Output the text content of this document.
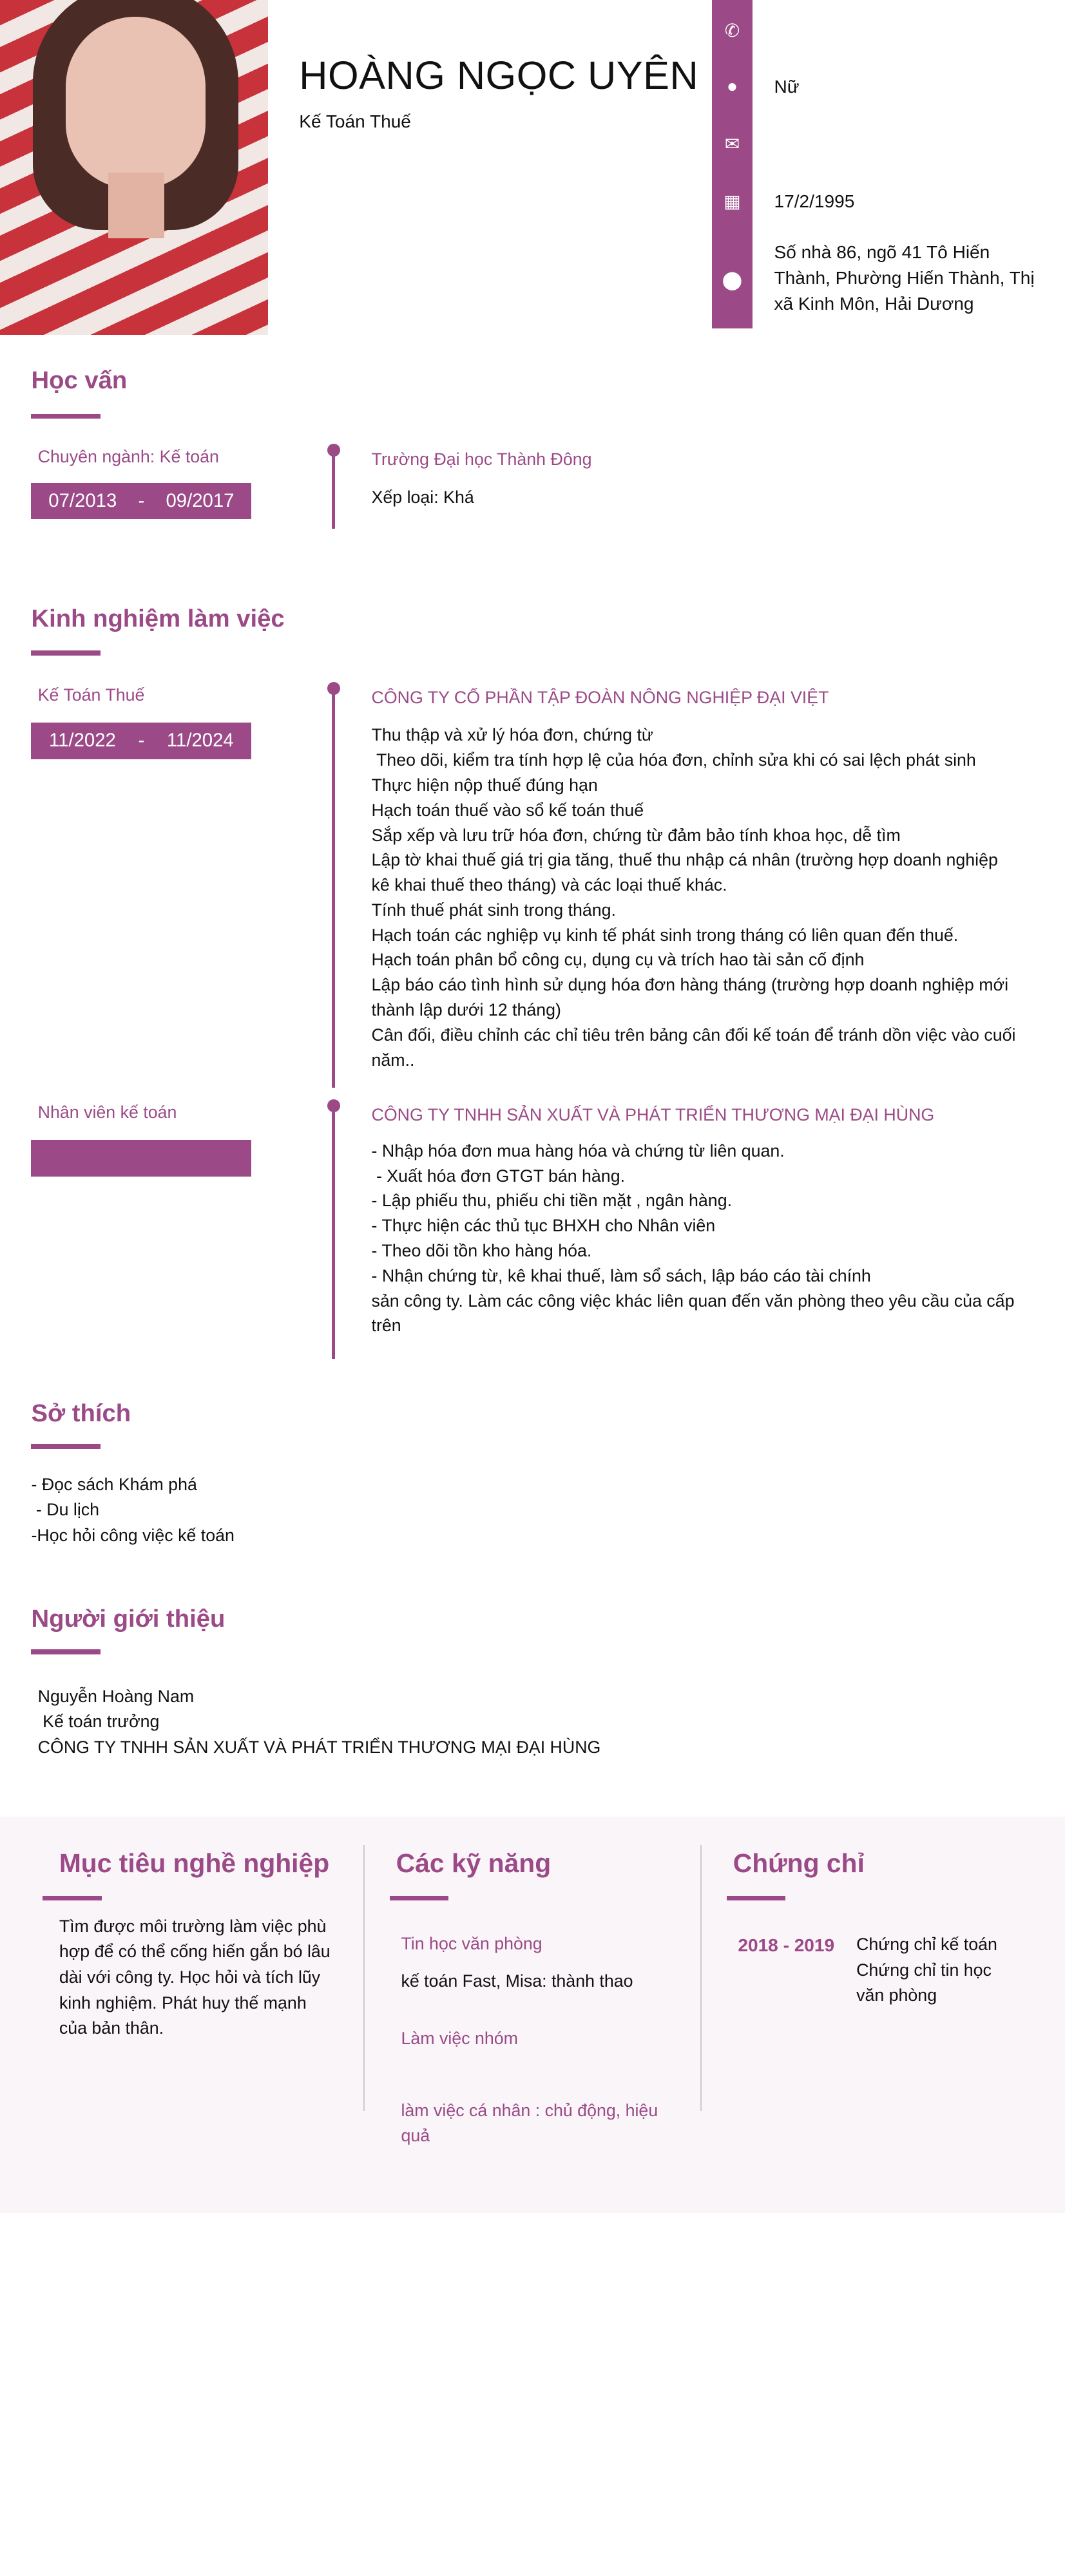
HOÀNG NGỌC UYÊN
Kế Toán Thuế
✆
●
✉
▦
⬤
Nữ
17/2/1995
Số nhà 86, ngõ 41 Tô Hiến Thành, Phường Hiến Thành, Thị xã Kinh Môn, Hải Dương
Học vấn
Chuyên ngành: Kế toán
07/2013	-	09/2017
Trường Đại học Thành Đông
Xếp loại: Khá
Kinh nghiệm làm việc
Kế Toán Thuế
11/2022	-	11/2024
CÔNG TY CỔ PHẦN TẬP ĐOÀN NÔNG NGHIỆP ĐẠI VIỆT
Thu thập và xử lý hóa đơn, chứng từ
Theo dõi, kiểm tra tính hợp lệ của hóa đơn, chỉnh sửa khi có sai lệch phát sinh
Thực hiện nộp thuế đúng hạn
Hạch toán thuế vào sổ kế toán thuế
Sắp xếp và lưu trữ hóa đơn, chứng từ đảm bảo tính khoa học, dễ tìm
Lập tờ khai thuế giá trị gia tăng, thuế thu nhập cá nhân (trường hợp doanh nghiệp kê khai thuế theo tháng) và các loại thuế khác.
Tính thuế phát sinh trong tháng.
Hạch toán các nghiệp vụ kinh tế phát sinh trong tháng có liên quan đến thuế.
Hạch toán phân bổ công cụ, dụng cụ và trích hao tài sản cố định
Lập báo cáo tình hình sử dụng hóa đơn hàng tháng (trường hợp doanh nghiệp mới thành lập dưới 12 tháng)
Cân đối, điều chỉnh các chỉ tiêu trên bảng cân đối kế toán để tránh dồn việc vào cuối năm..
Nhân viên kế toán	CÔNG TY TNHH SẢN XUẤT VÀ PHÁT TRIỂN THƯƠNG MẠI ĐẠI HÙNG
- Nhập hóa đơn mua hàng hóa và chứng từ liên quan.
- Xuất hóa đơn GTGT bán hàng.
- Lập phiếu thu, phiếu chi tiền mặt , ngân hàng.
- Thực hiện các thủ tục BHXH cho Nhân viên
- Theo dõi tồn kho hàng hóa.
- Nhận chứng từ, kê khai thuế, làm sổ sách, lập báo cáo tài chính
sản công ty. Làm các công việc khác liên quan đến văn phòng theo yêu cầu của cấp trên
Sở thích
- Đọc sách Khám phá
- Du lịch
-Học hỏi công việc kế toán
Người giới thiệu
Nguyễn Hoàng Nam
Kế toán trưởng
CÔNG TY TNHH SẢN XUẤT VÀ PHÁT TRIỂN THƯƠNG MẠI ĐẠI HÙNG
Mục tiêu nghề nghiệp
Tìm được môi trường làm việc phù hợp để có thể cống hiến gắn bó lâu dài với công ty. Học hỏi và tích lũy kinh nghiệm. Phát huy thế mạnh của bản thân.
Các kỹ năng
Tin học văn phòng
kế toán Fast, Misa: thành thao
Làm việc nhóm
làm việc cá nhân : chủ động, hiệu quả
Chứng chỉ
2018 - 2019	Chứng chỉ kế toán
Chứng chỉ tin học văn phòng
